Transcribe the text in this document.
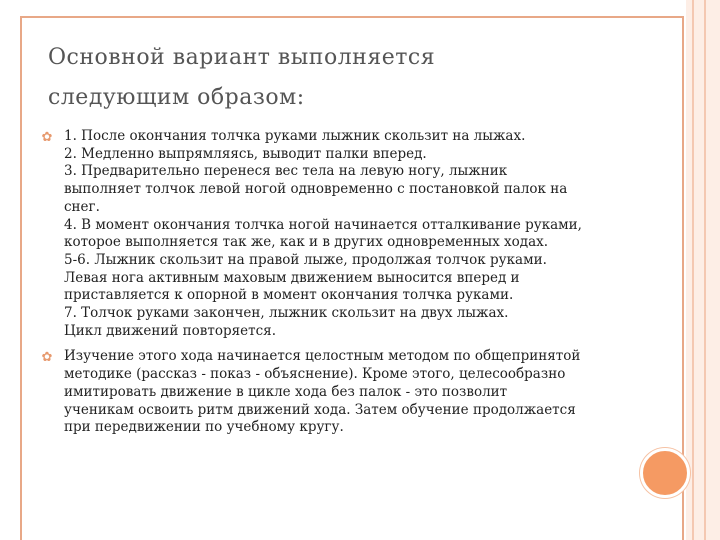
Основной вариант выполняется
следующим образом:
✿ 1. После окончания толчка руками лыжник скользит на лыжах.
2. Медленно выпрямляясь, выводит палки вперед.
3. Предварительно перенеся вес тела на левую ногу, лыжник
выполняет толчок левой ногой одновременно с постановкой палок на
снег.
4. В момент окончания толчка ногой начинается отталкивание руками,
которое выполняется так же, как и в других одновременных ходах.
5-6. Лыжник скользит на правой лыже, продолжая толчок руками.
Левая нога активным маховым движением выносится вперед и
приставляется к опорной в момент окончания толчка руками.
7. Толчок руками закончен, лыжник скользит на двух лыжах.
Цикл движений повторяется.
✿ Изучение этого хода начинается целостным методом по общепринятой
методике (рассказ - показ - объяснение). Кроме этого, целесообразно
имитировать движение в цикле хода без палок - это позволит
ученикам освоить ритм движений хода. Затем обучение продолжается
при передвижении по учебному кругу.
